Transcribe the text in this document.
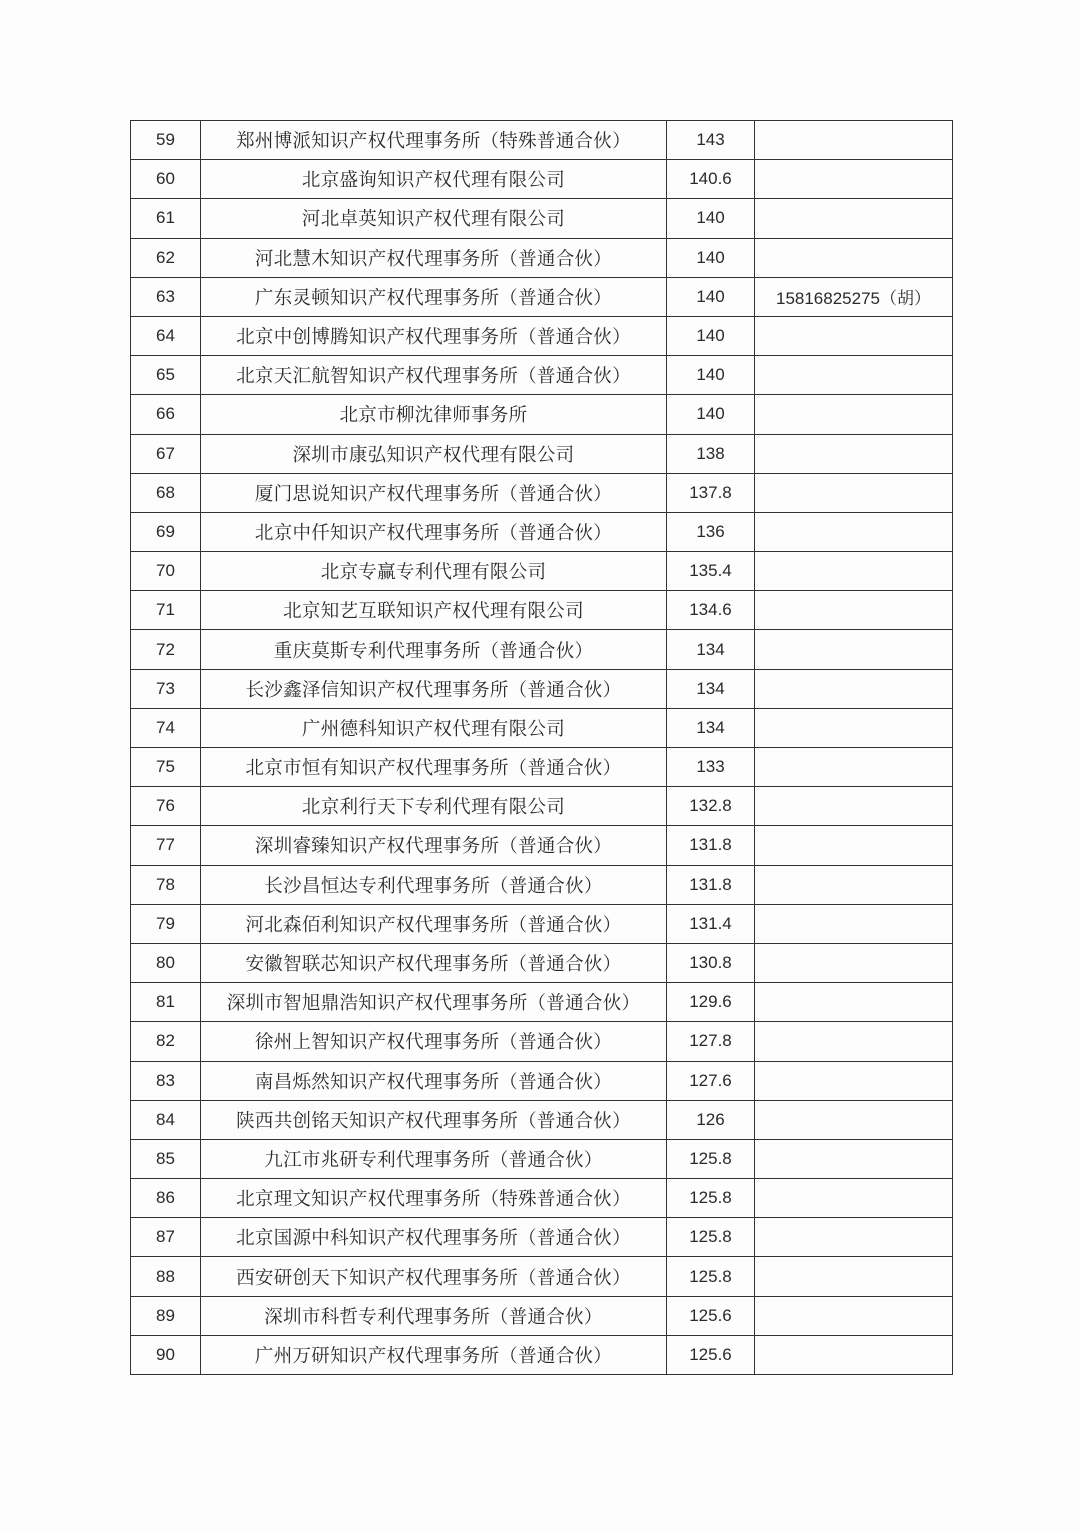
59	郑州博派知识产权代理事务所（特殊普通合伙）	143	
60	北京盛询知识产权代理有限公司	140.6	
61	河北卓英知识产权代理有限公司	140	
62	河北慧木知识产权代理事务所（普通合伙）	140	
63	广东灵顿知识产权代理事务所（普通合伙）	140	15816825275（胡）
64	北京中创博腾知识产权代理事务所（普通合伙）	140	
65	北京天汇航智知识产权代理事务所（普通合伙）	140	
66	北京市柳沈律师事务所	140	
67	深圳市康弘知识产权代理有限公司	138	
68	厦门思说知识产权代理事务所（普通合伙）	137.8	
69	北京中仟知识产权代理事务所（普通合伙）	136	
70	北京专赢专利代理有限公司	135.4	
71	北京知艺互联知识产权代理有限公司	134.6	
72	重庆莫斯专利代理事务所（普通合伙）	134	
73	长沙鑫泽信知识产权代理事务所（普通合伙）	134	
74	广州德科知识产权代理有限公司	134	
75	北京市恒有知识产权代理事务所（普通合伙）	133	
76	北京利行天下专利代理有限公司	132.8	
77	深圳睿臻知识产权代理事务所（普通合伙）	131.8	
78	长沙昌恒达专利代理事务所（普通合伙）	131.8	
79	河北森佰利知识产权代理事务所（普通合伙）	131.4	
80	安徽智联芯知识产权代理事务所（普通合伙）	130.8	
81	深圳市智旭鼎浩知识产权代理事务所（普通合伙）	129.6	
82	徐州上智知识产权代理事务所（普通合伙）	127.8	
83	南昌烁然知识产权代理事务所（普通合伙）	127.6	
84	陕西共创铭天知识产权代理事务所（普通合伙）	126	
85	九江市兆研专利代理事务所（普通合伙）	125.8	
86	北京理文知识产权代理事务所（特殊普通合伙）	125.8	
87	北京国源中科知识产权代理事务所（普通合伙）	125.8	
88	西安研创天下知识产权代理事务所（普通合伙）	125.8	
89	深圳市科哲专利代理事务所（普通合伙）	125.6	
90	广州万研知识产权代理事务所（普通合伙）	125.6	
